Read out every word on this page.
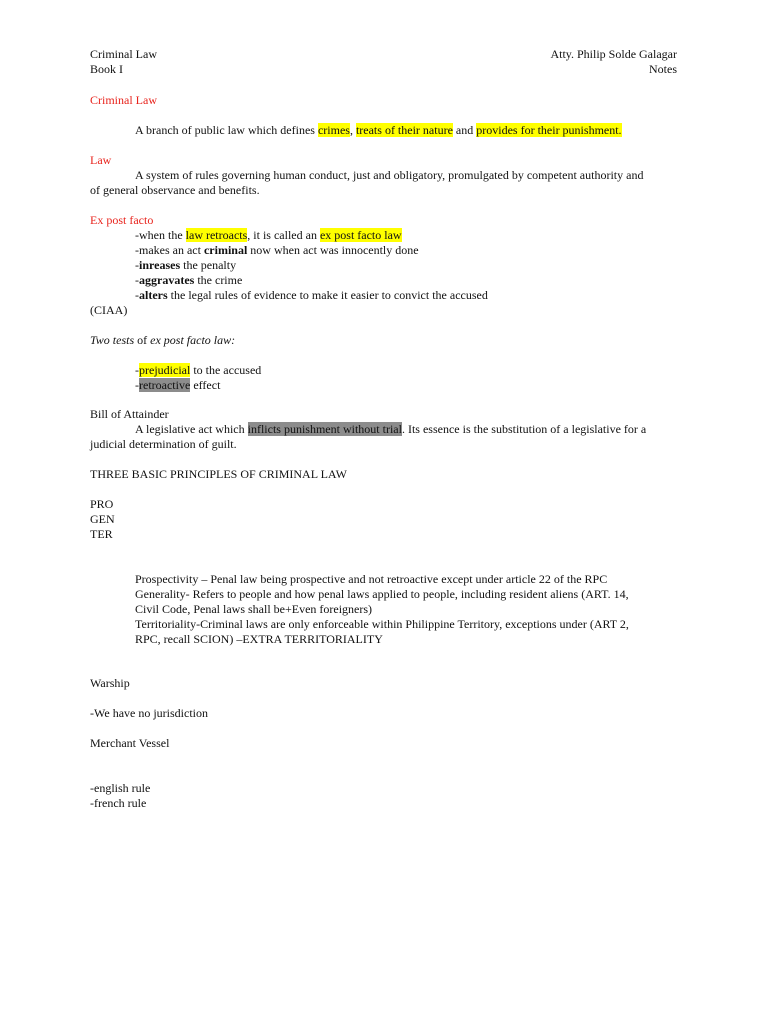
Criminal Law
Book I
Atty. Philip Solde Galagar
Notes
Criminal Law
A branch of public law which defines crimes, treats of their nature and provides for their punishment.
Law
A system of rules governing human conduct, just and obligatory, promulgated by competent authority and
of general observance and benefits.
Ex post facto
-when the law retroacts, it is called an ex post facto law
-makes an act criminal now when act was innocently done
-inreases the penalty
-aggravates the crime
-alters the legal rules of evidence to make it easier to convict the accused
(CIAA)
Two tests of ex post facto law:
-prejudicial to the accused
-retroactive effect
Bill of Attainder
A legislative act which inflicts punishment without trial. Its essence is the substitution of a legislative for a
judicial determination of guilt.
THREE BASIC PRINCIPLES OF CRIMINAL LAW
PRO
GEN
TER
Prospectivity – Penal law being prospective and not retroactive except under article 22 of the RPC
Generality- Refers to people and how penal laws applied to people, including resident aliens (ART. 14,
Civil Code, Penal laws shall be+Even foreigners)
Territoriality-Criminal laws are only enforceable within Philippine Territory, exceptions under (ART 2,
RPC, recall SCION) –EXTRA TERRITORIALITY
Warship
-We have no jurisdiction
Merchant Vessel
-english rule
-french rule
